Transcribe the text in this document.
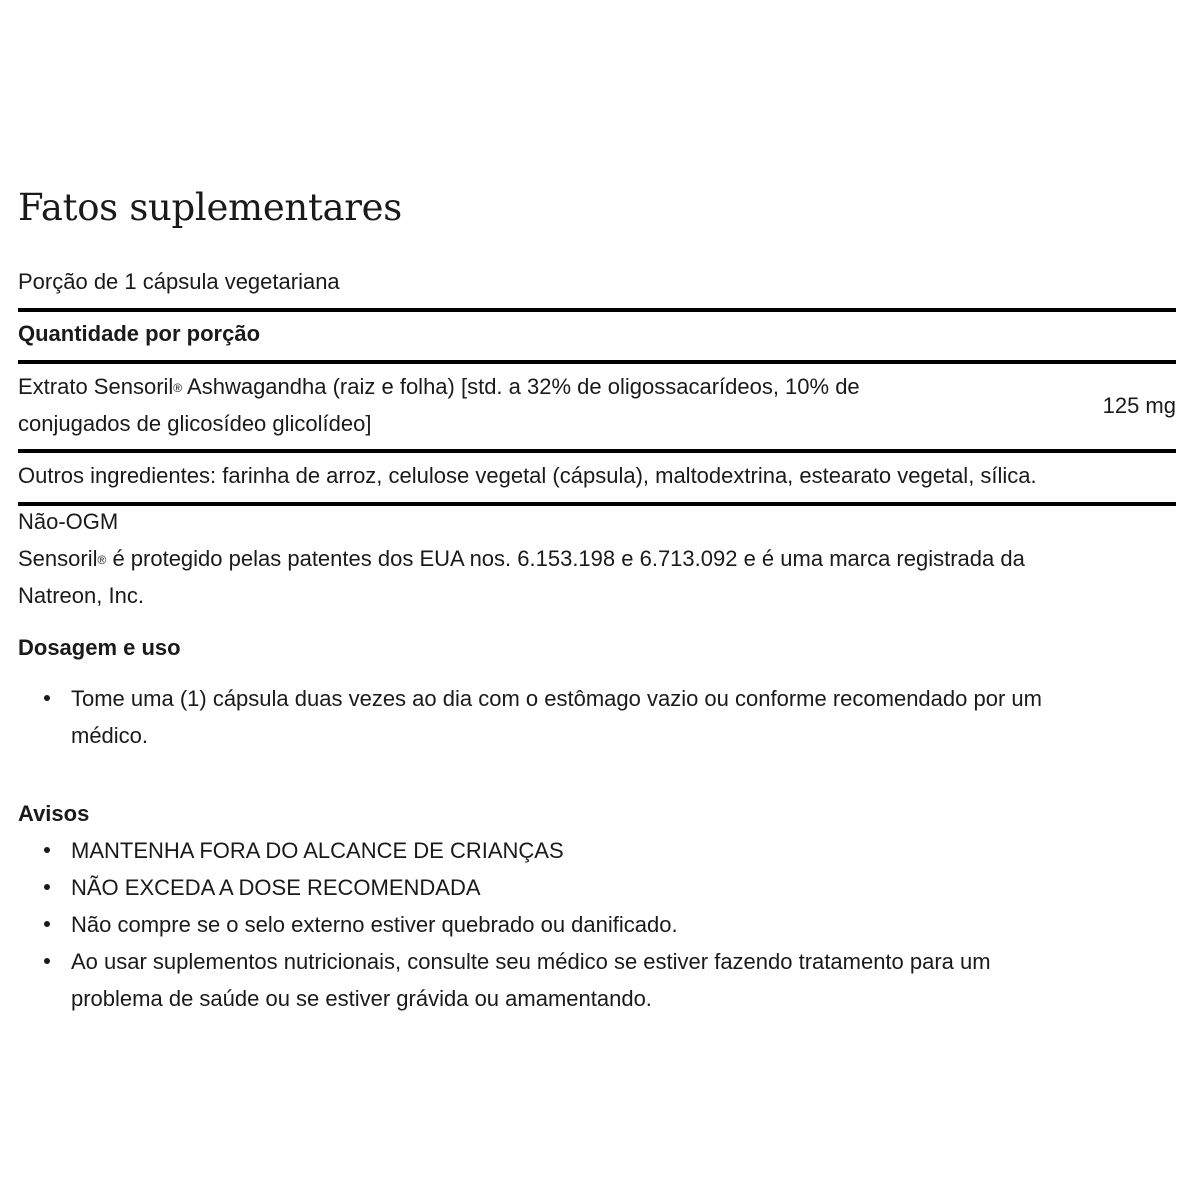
Fatos suplementares
Porção de 1 cápsula vegetariana
Quantidade por porção
Extrato Sensoril® Ashwagandha (raiz e folha) [std. a 32% de oligossacarídeos, 10% de
conjugados de glicosídeo glicolídeo]
125 mg
Outros ingredientes: farinha de arroz, celulose vegetal (cápsula), maltodextrina, estearato vegetal, sílica.
Não-OGM
Sensoril® é protegido pelas patentes dos EUA nos. 6.153.198 e 6.713.092 e é uma marca registrada da
Natreon, Inc.
Dosagem e uso
Tome uma (1) cápsula duas vezes ao dia com o estômago vazio ou conforme recomendado por um
médico.
Avisos
MANTENHA FORA DO ALCANCE DE CRIANÇAS
NÃO EXCEDA A DOSE RECOMENDADA
Não compre se o selo externo estiver quebrado ou danificado.
Ao usar suplementos nutricionais, consulte seu médico se estiver fazendo tratamento para um
problema de saúde ou se estiver grávida ou amamentando.
